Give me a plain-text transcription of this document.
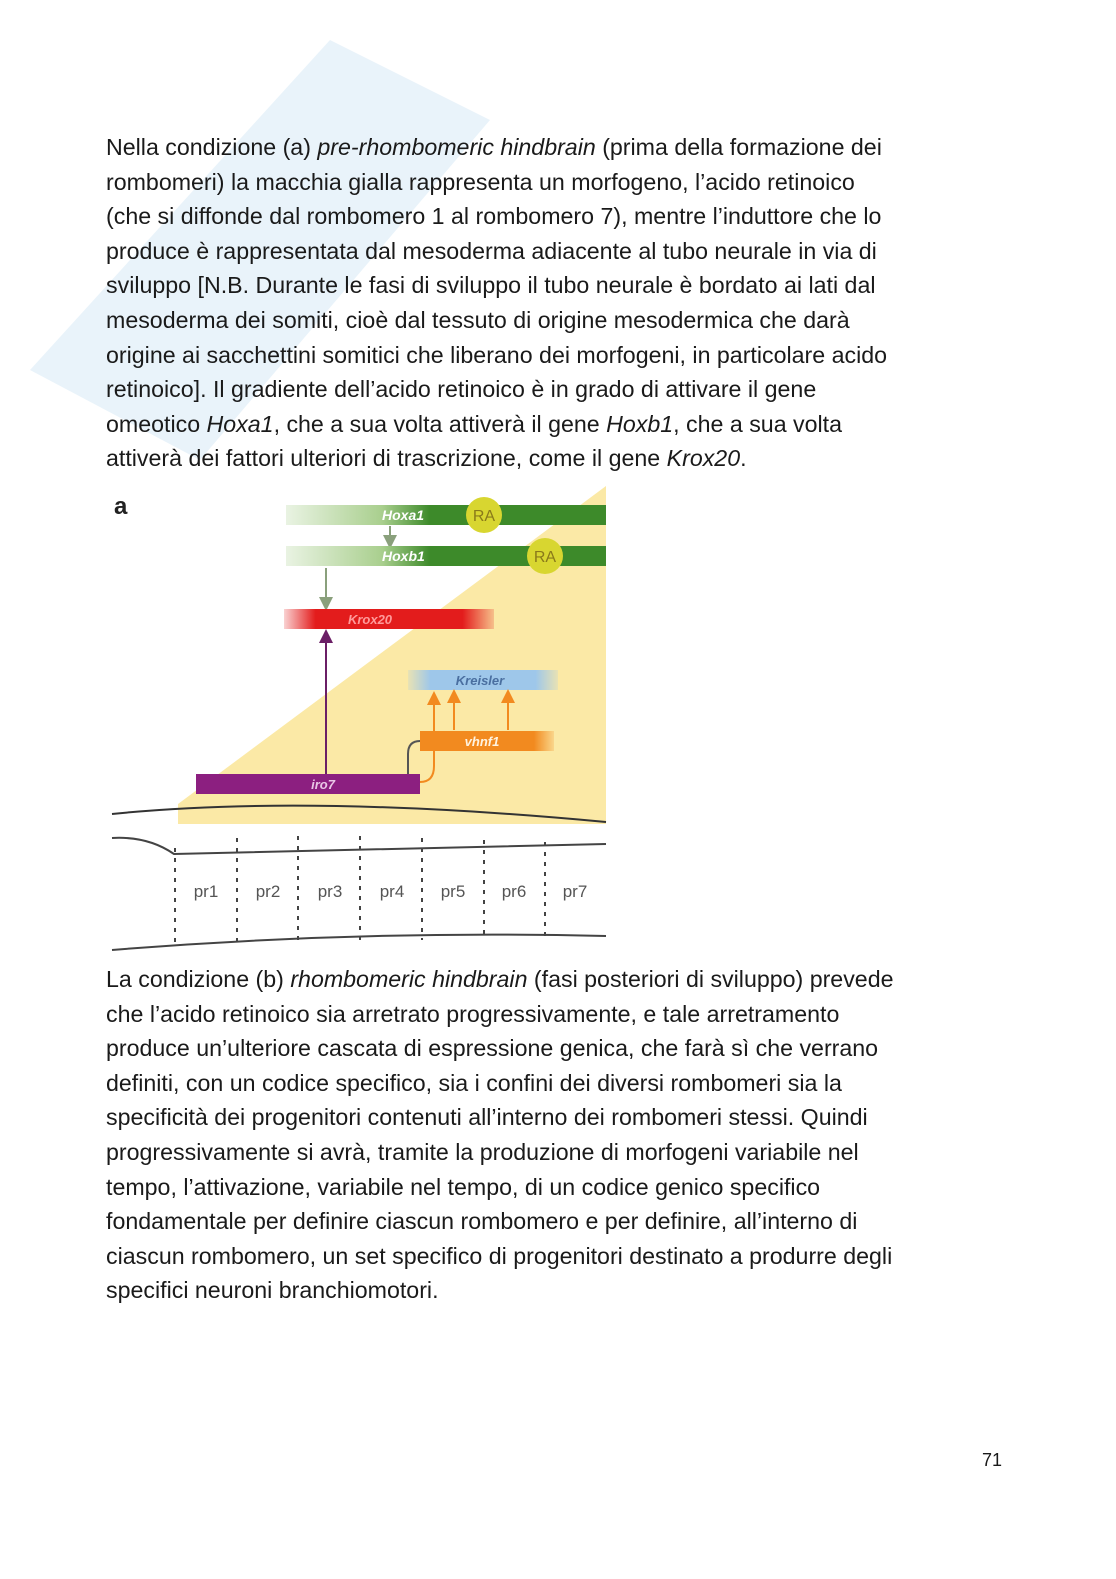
Nella condizione (a) pre-rhombomeric hindbrain (prima della formazione dei
rombomeri) la macchia gialla rappresenta un morfogeno, l’acido retinoico
(che si diffonde dal rombomero 1 al rombomero 7), mentre l’induttore che lo
produce è rappresentata dal mesoderma adiacente al tubo neurale in via di
sviluppo [N.B. Durante le fasi di sviluppo il tubo neurale è bordato ai lati dal
mesoderma dei somiti, cioè dal tessuto di origine mesodermica che darà
origine ai sacchettini somitici che liberano dei morfogeni, in particolare acido
retinoico]. Il gradiente dell’acido retinoico è in grado di attivare il gene
omeotico Hoxa1, che a sua volta attiverà il gene Hoxb1, che a sua volta
attiverà dei fattori ulteriori di trascrizione, come il gene Krox20.

a	Hoxa1	RA
Hoxb1	RA
Krox20
Kreisler
vhnf1
iro7
pr1 pr2 pr3 pr4 pr5 pr6 pr7

La condizione (b) rhombomeric hindbrain (fasi posteriori di sviluppo) prevede
che l’acido retinoico sia arretrato progressivamente, e tale arretramento
produce un’ulteriore cascata di espressione genica, che farà sì che verrano
definiti, con un codice specifico, sia i confini dei diversi rombomeri sia la
specificità dei progenitori contenuti all’interno dei rombomeri stessi. Quindi
progressivamente si avrà, tramite la produzione di morfogeni variabile nel
tempo, l’attivazione, variabile nel tempo, di un codice genico specifico
fondamentale per definire ciascun rombomero e per definire, all’interno di
ciascun rombomero, un set specifico di progenitori destinato a produrre degli
specifici neuroni branchiomotori.

71
